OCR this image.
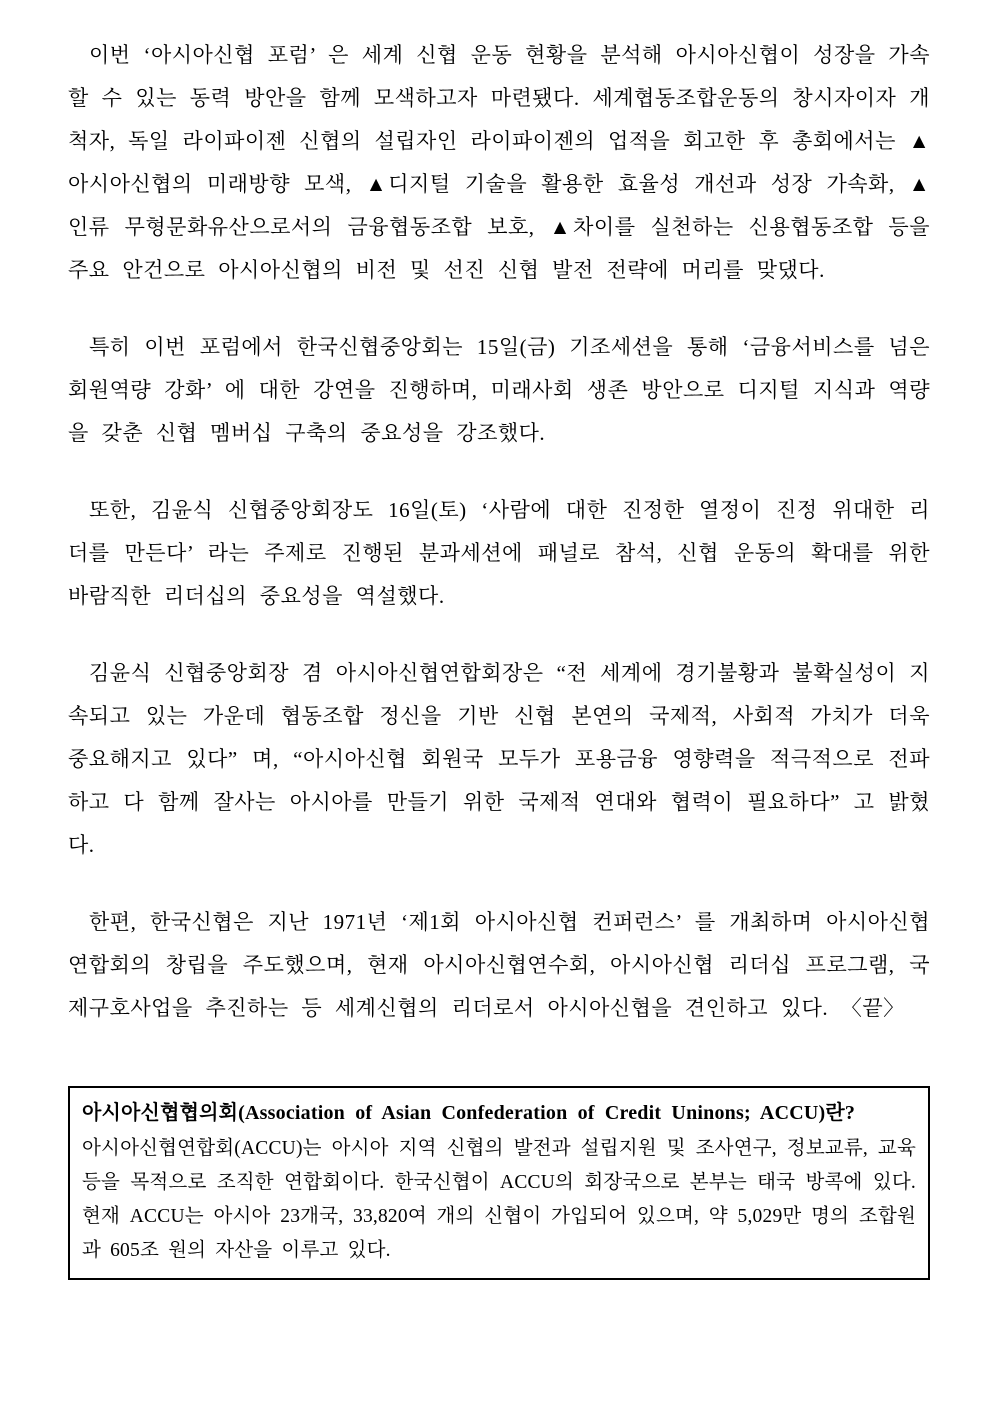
이번 ‘아시아신협 포럼’ 은 세계 신협 운동 현황을 분석해 아시아신협이 성장을 가속할 수 있는 동력 방안을 함께 모색하고자 마련됐다. 세계협동조합운동의 창시자이자 개척자, 독일 라이파이젠 신협의 설립자인 라이파이젠의 업적을 회고한 후 총회에서는 ▲아시아신협의 미래방향 모색, ▲디지털 기술을 활용한 효율성 개선과 성장 가속화, ▲인류 무형문화유산으로서의 금융협동조합 보호, ▲차이를 실천하는 신용협동조합 등을 주요 안건으로 아시아신협의 비전 및 선진 신협 발전 전략에 머리를 맞댔다.

특히 이번 포럼에서 한국신협중앙회는 15일(금) 기조세션을 통해 ‘금융서비스를 넘은 회원역량 강화’ 에 대한 강연을 진행하며, 미래사회 생존 방안으로 디지털 지식과 역량을 갖춘 신협 멤버십 구축의 중요성을 강조했다.

또한, 김윤식 신협중앙회장도 16일(토) ‘사람에 대한 진정한 열정이 진정 위대한 리더를 만든다’ 라는 주제로 진행된 분과세션에 패널로 참석, 신협 운동의 확대를 위한 바람직한 리더십의 중요성을 역설했다.

김윤식 신협중앙회장 겸 아시아신협연합회장은 “전 세계에 경기불황과 불확실성이 지속되고 있는 가운데 협동조합 정신을 기반 신협 본연의 국제적, 사회적 가치가 더욱 중요해지고 있다” 며, “아시아신협 회원국 모두가 포용금융 영향력을 적극적으로 전파하고 다 함께 잘사는 아시아를 만들기 위한 국제적 연대와 협력이 필요하다” 고 밝혔다.

한편, 한국신협은 지난 1971년 ‘제1회 아시아신협 컨퍼런스’ 를 개최하며 아시아신협연합회의 창립을 주도했으며, 현재 아시아신협연수회, 아시아신협 리더십 프로그램, 국제구호사업을 추진하는 등 세계신협의 리더로서 아시아신협을 견인하고 있다. 〈끝〉

아시아신협협의회(Association of Asian Confederation of Credit Uninons; ACCU)란?

아시아신협연합회(ACCU)는 아시아 지역 신협의 발전과 설립지원 및 조사연구, 정보교류, 교육 등을 목적으로 조직한 연합회이다. 한국신협이 ACCU의 회장국으로 본부는 태국 방콕에 있다. 현재 ACCU는 아시아 23개국, 33,820여 개의 신협이 가입되어 있으며, 약 5,029만 명의 조합원과 605조 원의 자산을 이루고 있다.
